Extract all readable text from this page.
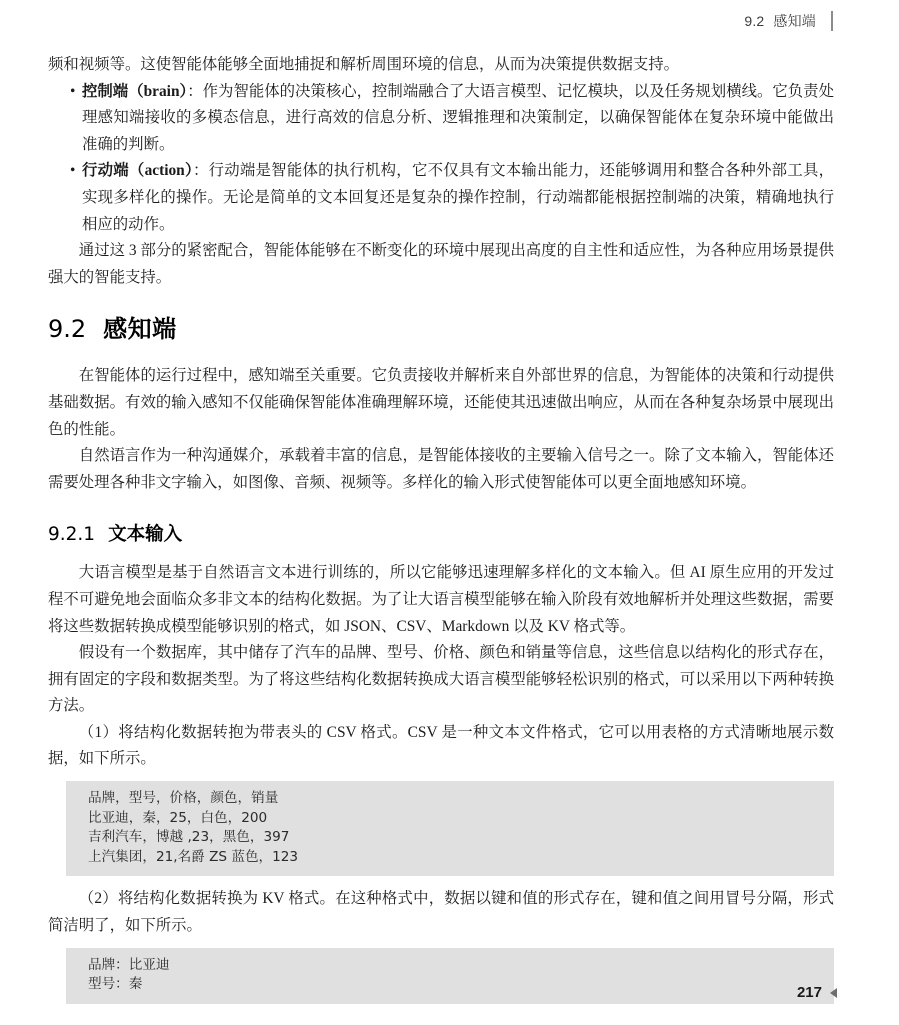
9.2 感知端

频和视频等。这使智能体能够全面地捕捉和解析周围环境的信息，从而为决策提供数据支持。

• 控制端（brain）：作为智能体的决策核心，控制端融合了大语言模型、记忆模块，以及任务规划横线。它负责处理感知端接收的多模态信息，进行高效的信息分析、逻辑推理和决策制定，以确保智能体在复杂环境中能做出准确的判断。
• 行动端（action）：行动端是智能体的执行机构，它不仅具有文本输出能力，还能够调用和整合各种外部工具，实现多样化的操作。无论是简单的文本回复还是复杂的操作控制，行动端都能根据控制端的决策，精确地执行相应的动作。

通过这 3 部分的紧密配合，智能体能够在不断变化的环境中展现出高度的自主性和适应性，为各种应用场景提供强大的智能支持。

9.2 感知端

在智能体的运行过程中，感知端至关重要。它负责接收并解析来自外部世界的信息，为智能体的决策和行动提供基础数据。有效的输入感知不仅能确保智能体准确理解环境，还能使其迅速做出响应，从而在各种复杂场景中展现出色的性能。

自然语言作为一种沟通媒介，承载着丰富的信息，是智能体接收的主要输入信号之一。除了文本输入，智能体还需要处理各种非文字输入，如图像、音频、视频等。多样化的输入形式使智能体可以更全面地感知环境。

9.2.1 文本输入

大语言模型是基于自然语言文本进行训练的，所以它能够迅速理解多样化的文本输入。但 AI 原生应用的开发过程不可避免地会面临众多非文本的结构化数据。为了让大语言模型能够在输入阶段有效地解析并处理这些数据，需要将这些数据转换成模型能够识别的格式，如 JSON、CSV、Markdown 以及 KV 格式等。

假设有一个数据库，其中储存了汽车的品牌、型号、价格、颜色和销量等信息，这些信息以结构化的形式存在，拥有固定的字段和数据类型。为了将这些结构化数据转换成大语言模型能够轻松识别的格式，可以采用以下两种转换方法。

（1）将结构化数据转抱为带表头的 CSV 格式。CSV 是一种文本文件格式，它可以用表格的方式清晰地展示数据，如下所示。

品牌，型号，价格，颜色，销量
比亚迪，秦，25，白色，200
吉利汽车，博越 ,23，黑色，397
上汽集团，21,名爵 ZS 蓝色，123

（2）将结构化数据转换为 KV 格式。在这种格式中，数据以键和值的形式存在，键和值之间用冒号分隔，形式简洁明了，如下所示。

品牌：比亚迪
型号：秦	217
